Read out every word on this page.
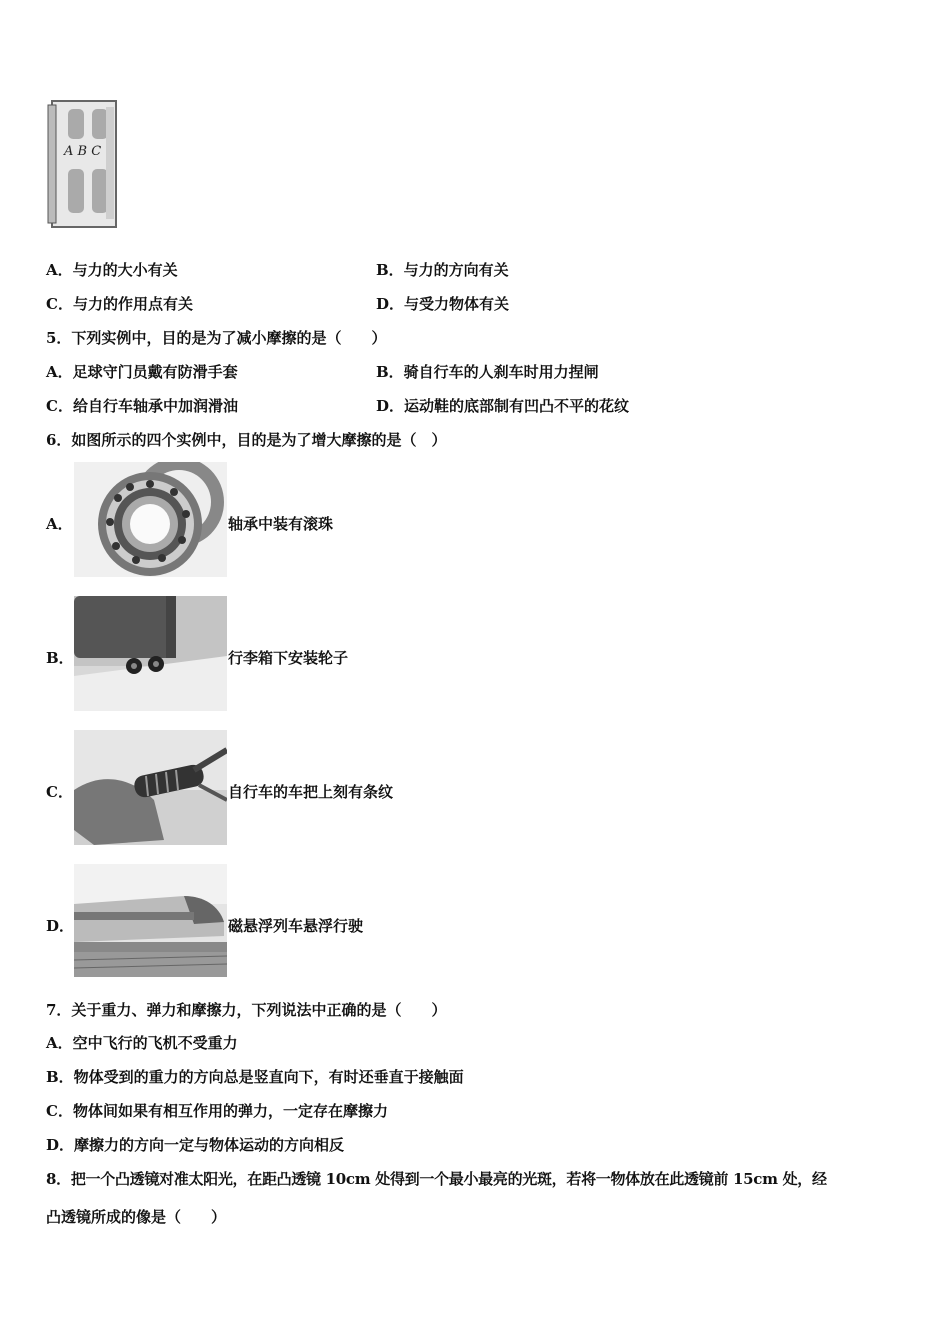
A B C
A．与力的大小有关	B．与力的方向有关
C．与力的作用点有关	D．与受力物体有关
5．下列实例中，目的是为了减小摩擦的是（　　）
A．足球守门员戴有防滑手套	B．骑自行车的人刹车时用力捏闸
C．给自行车轴承中加润滑油	D．运动鞋的底部制有凹凸不平的花纹
6．如图所示的四个实例中，目的是为了增大摩擦的是（　）
A．	轴承中装有滚珠
B．	行李箱下安装轮子
C．	自行车的车把上刻有条纹
D．	磁悬浮列车悬浮行驶
7．关于重力、弹力和摩擦力，下列说法中正确的是（　　）
A．空中飞行的飞机不受重力
B．物体受到的重力的方向总是竖直向下，有时还垂直于接触面
C．物体间如果有相互作用的弹力，一定存在摩擦力
D．摩擦力的方向一定与物体运动的方向相反
8．把一个凸透镜对准太阳光，在距凸透镜 10cm 处得到一个最小最亮的光斑，若将一物体放在此透镜前 15cm 处，经
凸透镜所成的像是（　　）
